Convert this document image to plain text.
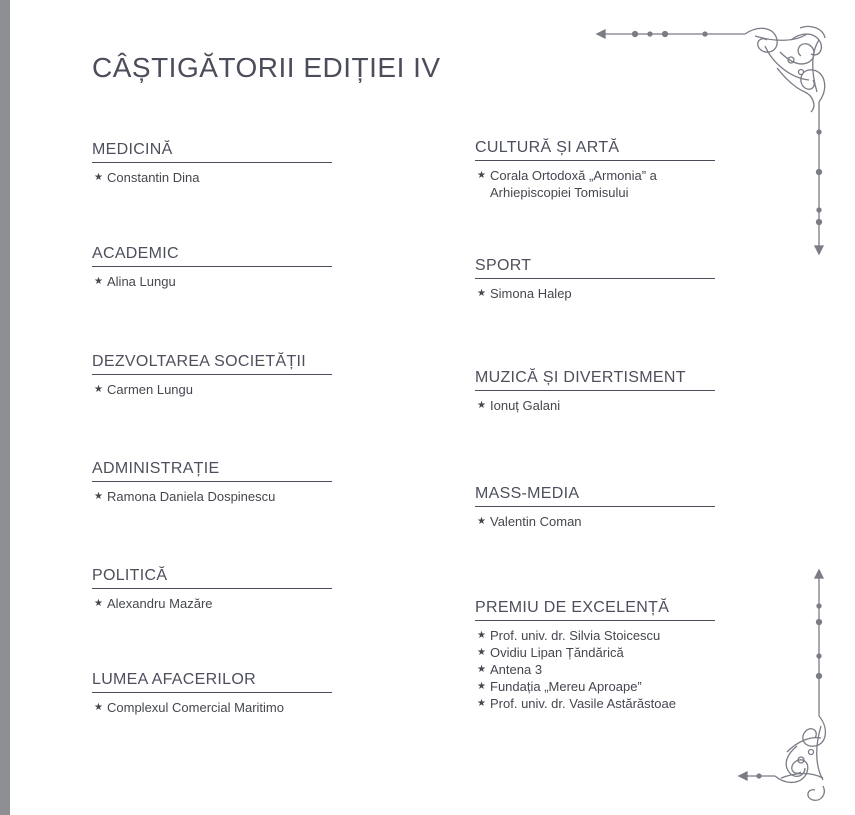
CÂȘTIGĂTORII EDIȚIEI IV
MEDICINĂ
★ Constantin Dina
ACADEMIC
★ Alina Lungu
DEZVOLTAREA SOCIETĂȚII
★ Carmen Lungu
ADMINISTRAȚIE
★ Ramona Daniela Dospinescu
POLITICĂ
★ Alexandru Mazăre
LUMEA AFACERILOR
★ Complexul Comercial Maritimo
CULTURĂ ȘI ARTĂ
★ Corala Ortodoxă „Armonia” a Arhiepiscopiei Tomisului
SPORT
★ Simona Halep
MUZICĂ ȘI DIVERTISMENT
★ Ionuț Galani
MASS-MEDIA
★ Valentin Coman
PREMIU DE EXCELENȚĂ
★ Prof. univ. dr. Silvia Stoicescu
★ Ovidiu Lipan Țăndărică
★ Antena 3
★ Fundația „Mereu Aproape”
★ Prof. univ. dr. Vasile Astărăstoae
